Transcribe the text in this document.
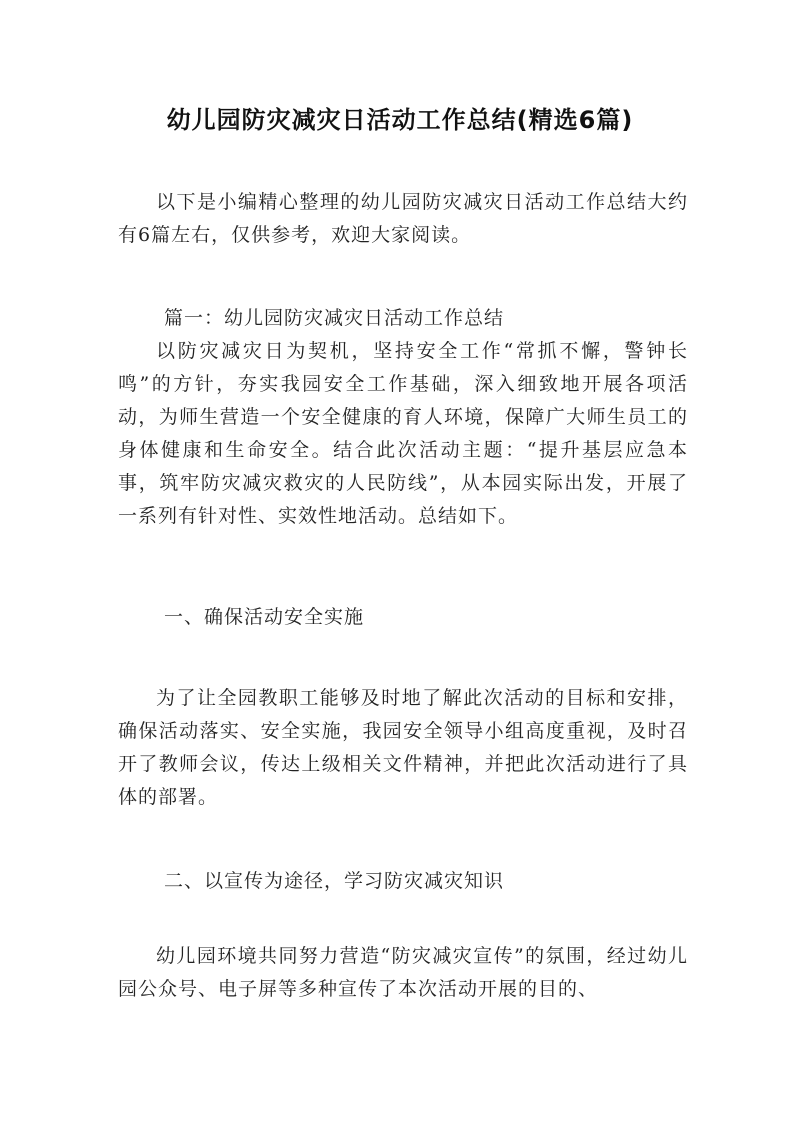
幼儿园防灾减灾日活动工作总结(精选6篇)
以下是小编精心整理的幼儿园防灾减灾日活动工作总结大约有6篇左右，仅供参考，欢迎大家阅读。
篇一：幼儿园防灾减灾日活动工作总结
以防灾减灾日为契机，坚持安全工作“常抓不懈，警钟长鸣”的方针，夯实我园安全工作基础，深入细致地开展各项活动，为师生营造一个安全健康的育人环境，保障广大师生员工的身体健康和生命安全。结合此次活动主题：“提升基层应急本事，筑牢防灾减灾救灾的人民防线”，从本园实际出发，开展了一系列有针对性、实效性地活动。总结如下。
一、确保活动安全实施
为了让全园教职工能够及时地了解此次活动的目标和安排，确保活动落实、安全实施，我园安全领导小组高度重视，及时召开了教师会议，传达上级相关文件精神，并把此次活动进行了具体的部署。
二、以宣传为途径，学习防灾减灾知识
幼儿园环境共同努力营造“防灾减灾宣传”的氛围，经过幼儿园公众号、电子屏等多种宣传了本次活动开展的目的、
